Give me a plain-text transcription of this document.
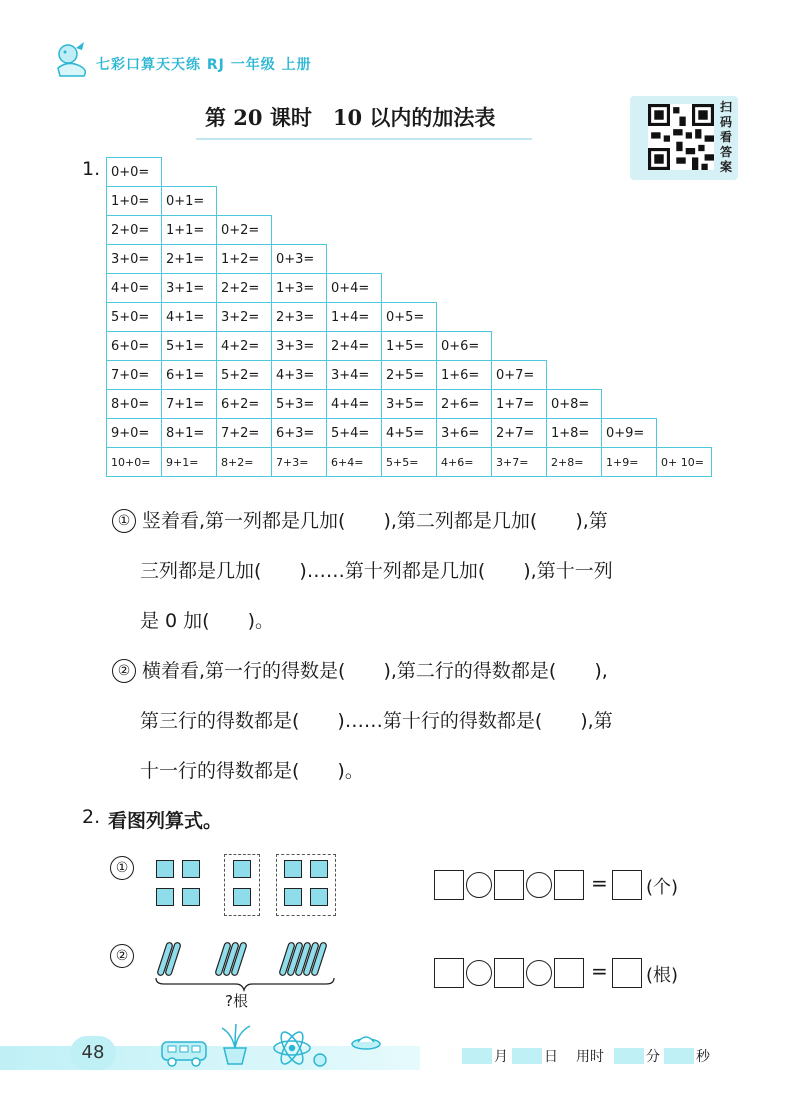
七彩口算天天练 RJ 一年级 上册
第 20 课时　10 以内的加法表	扫
码
看
答
案
1. 0+0=
1+0=	0+1=
2+0=	1+1=	0+2=
3+0=	2+1=	1+2=	0+3=
4+0=	3+1=	2+2=	1+3=	0+4=
5+0=	4+1=	3+2=	2+3=	1+4=	0+5=
6+0=	5+1=	4+2=	3+3=	2+4=	1+5=	0+6=
7+0=	6+1=	5+2=	4+3=	3+4=	2+5=	1+6=	0+7=
8+0=	7+1=	6+2=	5+3=	4+4=	3+5=	2+6=	1+7=	0+8=
9+0=	8+1=	7+2=	6+3=	5+4=	4+5=	3+6=	2+7=	1+8=	0+9=
10+0=	9+1=	8+2=	7+3=	6+4=	5+5=	4+6=	3+7=	2+8=	1+9=	0+ 10=
① 竖着看,第一列都是几加(　　),第二列都是几加(　　),第
三列都是几加(　　)……第十列都是几加(　　),第十一列
是 0 加(　　)。
② 横着看,第一行的得数是(　　),第二行的得数都是(　　),
第三行的得数都是(　　)……第十行的得数都是(　　),第
十一行的得数都是(　　)。
2. 看图列算式。
①
= (个)
②
?根
= (根)
48	月	日 用时	分	秒
